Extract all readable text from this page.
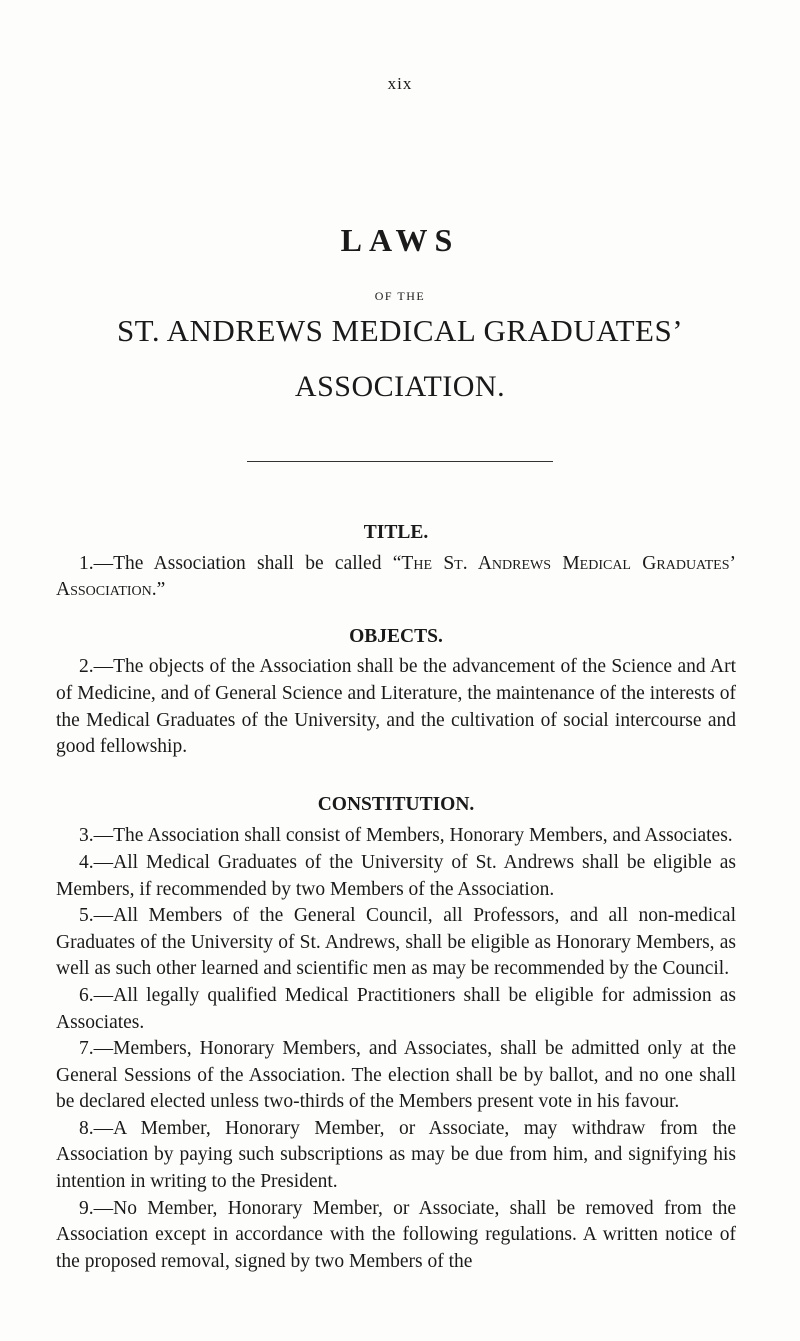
xix
LAWS
OF THE
ST. ANDREWS MEDICAL GRADUATES’
ASSOCIATION.
TITLE.

1.—The Association shall be called “The St. Andrews Medical Graduates’ Association.”

OBJECTS.

2.—The objects of the Association shall be the advancement of the Science and Art of Medicine, and of General Science and Literature, the maintenance of the interests of the Medical Graduates of the University, and the cultivation of social intercourse and good fellowship.

CONSTITUTION.

3.—The Association shall consist of Members, Honorary Members, and Associates.

4.—All Medical Graduates of the University of St. Andrews shall be eligible as Members, if recommended by two Members of the Association.

5.—All Members of the General Council, all Professors, and all non-medical Graduates of the University of St. Andrews, shall be eligible as Honorary Members, as well as such other learned and scientific men as may be recommended by the Council.

6.—All legally qualified Medical Practitioners shall be eligible for admission as Associates.

7.—Members, Honorary Members, and Associates, shall be admitted only at the General Sessions of the Association. The election shall be by ballot, and no one shall be declared elected unless two-thirds of the Members present vote in his favour.

8.—A Member, Honorary Member, or Associate, may withdraw from the Association by paying such subscriptions as may be due from him, and signifying his intention in writing to the President.

9.—No Member, Honorary Member, or Associate, shall be removed from the Association except in accordance with the following regulations. A written notice of the proposed removal, signed by two Members of the
